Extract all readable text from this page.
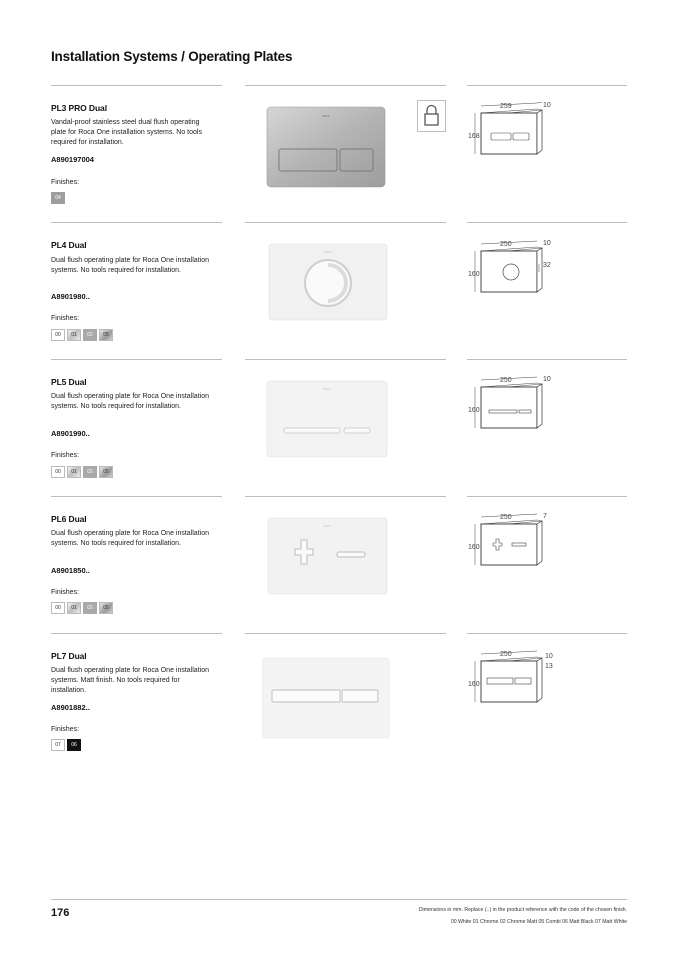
Installation Systems / Operating Plates
PL3 PRO Dual
Vandal-proof stainless steel dual flush operating plate for Roca One installation systems. No tools required for installation.
A890197004
Finishes:
04
Roca
259	10
168
PL4 Dual
Dual flush operating plate for Roca One installation systems. No tools required for installation.
A8901980..
Finishes:
00	01	02	05
Roca
250	10
32
160
PL5 Dual
Dual flush operating plate for Roca One installation systems. No tools required for installation.
A8901990..
Finishes:
00	01	02	05
Roca
250	10
160
PL6 Dual
Dual flush operating plate for Roca One installation systems. No tools required for installation.
A8901850..
Finishes:
00	01	02	05
Roca
250	7
160
PL7 Dual
Dual flush operating plate for Roca One installation systems. Matt finish. No tools required for installation.
A8901882..
Finishes:
07	06
250	10
13
160
176	Dimensions in mm. Replace (..) in the product reference with the code of the chosen finish.
00 White 01 Chrome 02 Chrome Matt 05 Combi 06 Matt Black 07 Matt White
